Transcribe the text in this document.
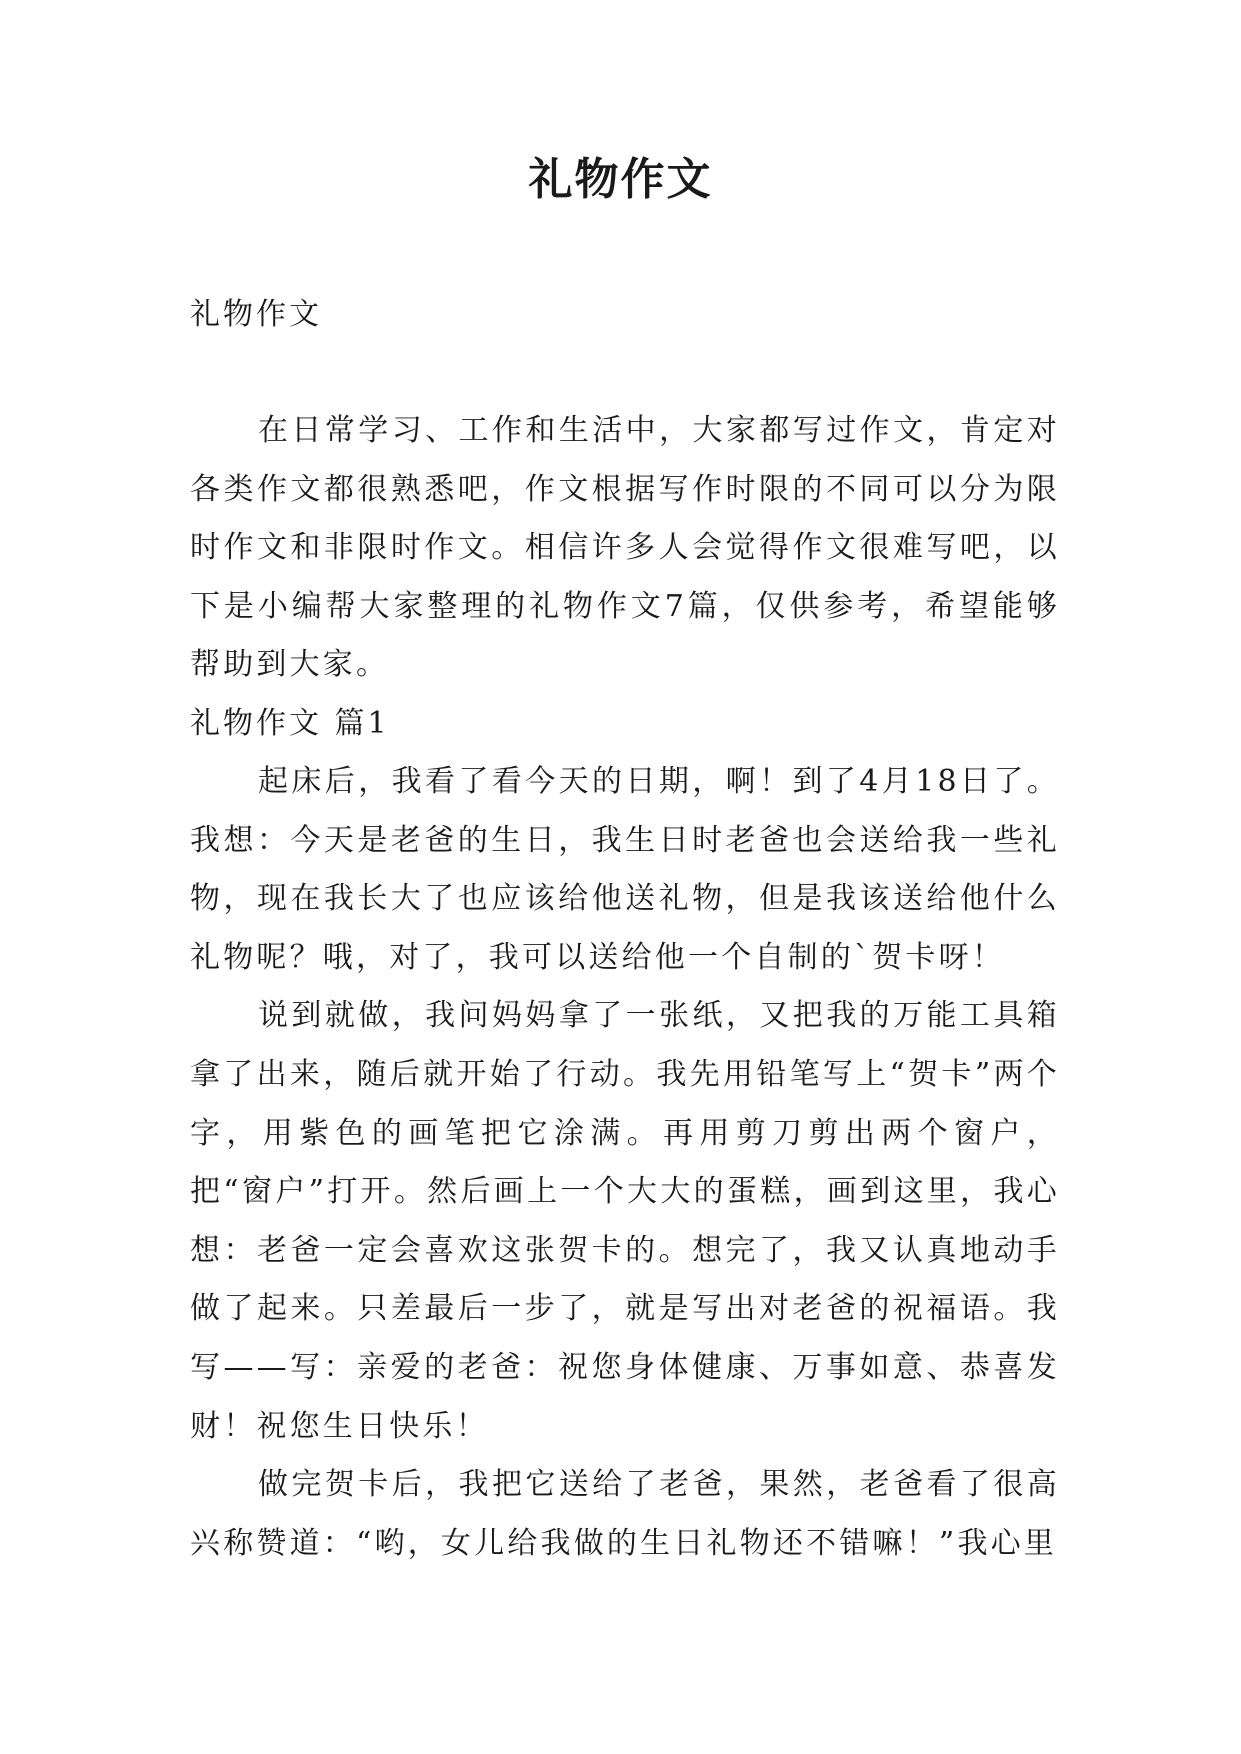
礼物作文
礼物作文

在日常学习、工作和生活中，大家都写过作文，肯定对各类作文都很熟悉吧，作文根据写作时限的不同可以分为限时作文和非限时作文。相信许多人会觉得作文很难写吧，以下是小编帮大家整理的礼物作文7篇，仅供参考，希望能够帮助到大家。

礼物作文 篇1

起床后，我看了看今天的日期，啊！到了4月18日了。我想：今天是老爸的生日，我生日时老爸也会送给我一些礼物，现在我长大了也应该给他送礼物，但是我该送给他什么礼物呢？哦，对了，我可以送给他一个自制的`贺卡呀！

说到就做，我问妈妈拿了一张纸，又把我的万能工具箱拿了出来，随后就开始了行动。我先用铅笔写上“贺卡”两个字，用紫色的画笔把它涂满。再用剪刀剪出两个窗户，把“窗户”打开。然后画上一个大大的蛋糕，画到这里，我心想：老爸一定会喜欢这张贺卡的。想完了，我又认真地动手做了起来。只差最后一步了，就是写出对老爸的祝福语。我写——写：亲爱的老爸：祝您身体健康、万事如意、恭喜发财！祝您生日快乐！

做完贺卡后，我把它送给了老爸，果然，老爸看了很高兴称赞道：“哟，女儿给我做的生日礼物还不错嘛！”我心里
